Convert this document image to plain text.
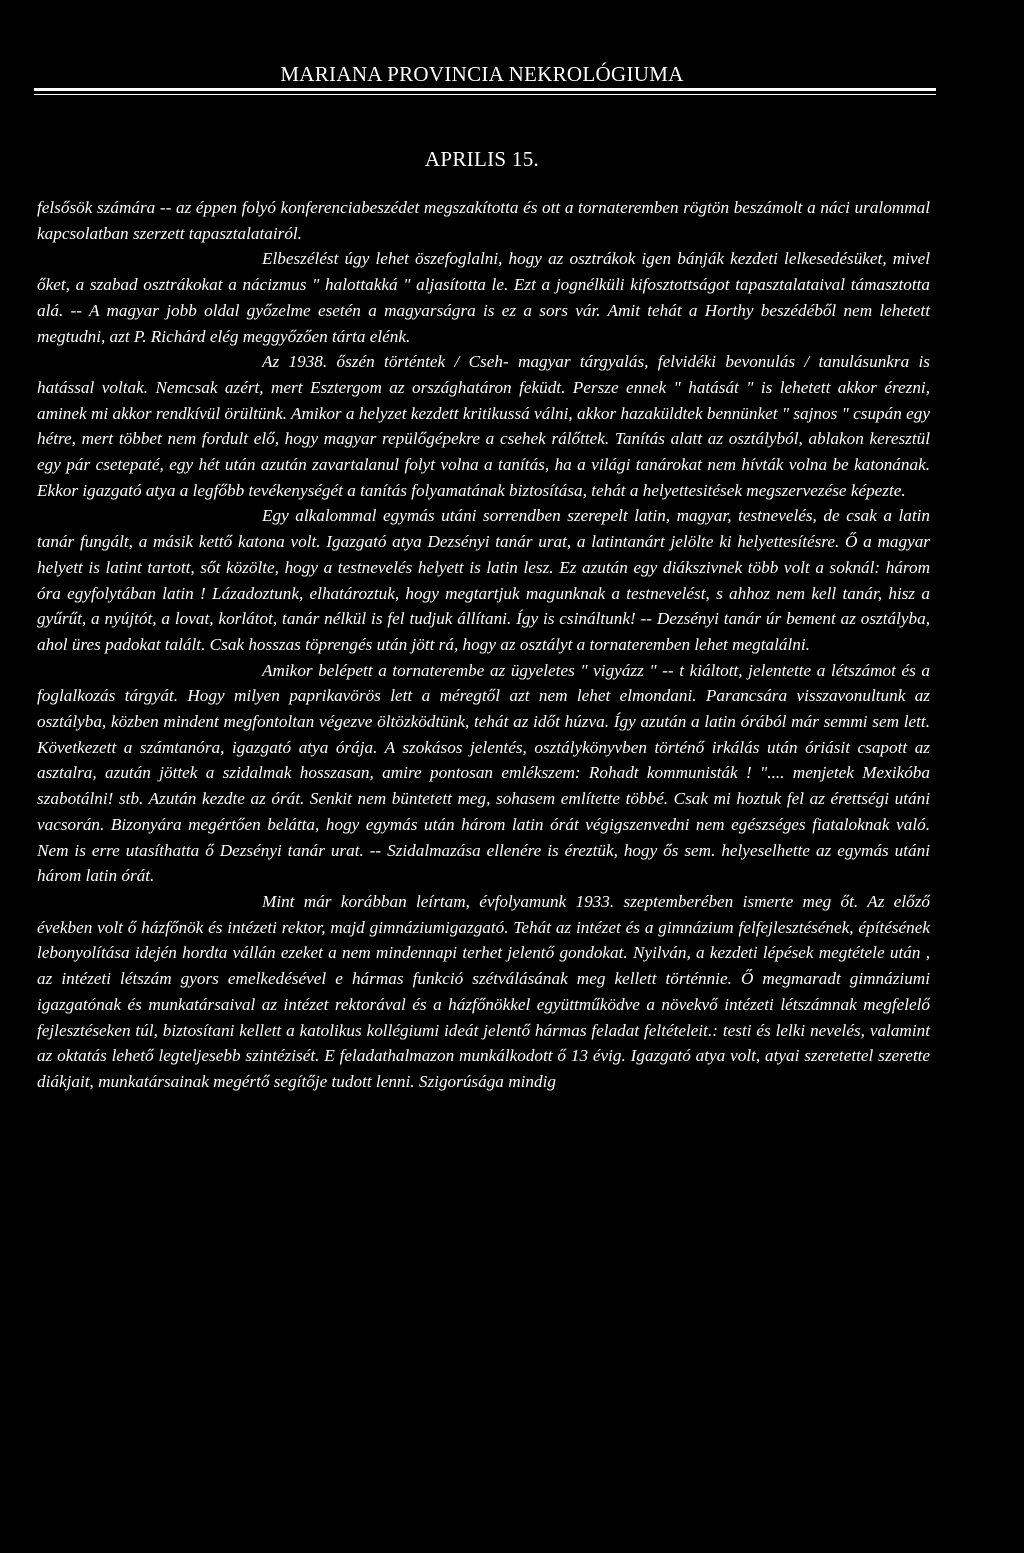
MARIANA PROVINCIA NEKROLÓGIUMA
APRILIS 15.

felsősök számára -- az éppen folyó konferenciabeszédet megszakította és ott a tornateremben rögtön beszámolt a náci uralommal kapcsolatban szerzett tapasztalatairól.

Elbeszélést úgy lehet öszefoglalni, hogy az osztrákok igen bánják kezdeti lelkesedésüket, mivel őket, a szabad osztrákokat a nácizmus " halottakká " aljasította le. Ezt a jognélküli kifosztottságot tapasztalataival támasztotta alá. -- A magyar jobb oldal győzelme esetén a magyarságra is ez a sors vár. Amit tehát a Horthy beszédéből nem lehetett megtudni, azt P. Richárd elég meggyőzően tárta elénk.

Az 1938. őszén történtek / Cseh- magyar tárgyalás, felvidéki bevonulás / tanulásunkra is hatással voltak. Nemcsak azért, mert Esztergom az országhatáron feküdt. Persze ennek " hatását " is lehetett akkor érezni, aminek mi akkor rendkívül örültünk. Amikor a helyzet kezdett kritikussá válni, akkor hazaküldtek bennünket " sajnos " csupán egy hétre, mert többet nem fordult elő, hogy magyar repülőgépekre a csehek rálőttek. Tanítás alatt az osztályból, ablakon keresztül egy pár csetepaté, egy hét után azután zavartalanul folyt volna a tanítás, ha a világi tanárokat nem hívták volna be katonának. Ekkor igazgató atya a legfőbb tevékenységét a tanítás folyamatának biztosítása, tehát a helyettesitések megszervezése képezte.

Egy alkalommal egymás utáni sorrendben szerepelt latin, magyar, testnevelés, de csak a latin tanár fungált, a másik kettő katona volt. Igazgató atya Dezsényi tanár urat, a latintanárt jelölte ki helyettesítésre. Ő a magyar helyett is latint tartott, sőt közölte, hogy a testnevelés helyett is latin lesz. Ez azután egy diákszivnek több volt a soknál: három óra egyfolytában latin ! Lázadoztunk, elhatároztuk, hogy megtartjuk magunknak a testnevelést, s ahhoz nem kell tanár, hisz a gyűrűt, a nyújtót, a lovat, korlátot, tanár nélkül is fel tudjuk állítani. Így is csináltunk! -- Dezsényi tanár úr bement az osztályba, ahol üres padokat talált. Csak hosszas töprengés után jött rá, hogy az osztályt a tornateremben lehet megtalálni.

Amikor belépett a tornaterembe az ügyeletes " vigyázz " -- t kiáltott, jelentette a létszámot és a foglalkozás tárgyát. Hogy milyen paprikavörös lett a méregtől azt nem lehet elmondani. Parancsára visszavonultunk az osztályba, közben mindent megfontoltan végezve öltözködtünk, tehát az időt húzva. Így azután a latin órából már semmi sem lett. Következett a számtanóra, igazgató atya órája. A szokásos jelentés, osztálykönyvben történő irkálás után óriásit csapott az asztalra, azután jöttek a szidalmak hosszasan, amire pontosan emlékszem: Rohadt kommunisták ! ".... menjetek Mexikóba szabotálni! stb. Azután kezdte az órát. Senkit nem büntetett meg, sohasem említette többé. Csak mi hoztuk fel az érettségi utáni vacsorán. Bizonyára megértően belátta, hogy egymás után három latin órát végigszenvedni nem egészséges fiataloknak való. Nem is erre utasíthatta ő Dezsényi tanár urat. -- Szidalmazása ellenére is éreztük, hogy ős sem. helyeselhette az egymás utáni három latin órát.

Mint már korábban leírtam, évfolyamunk 1933. szeptemberében ismerte meg őt. Az előző években volt ő házfőnök és intézeti rektor, majd gimnáziumigazgató. Tehát az intézet és a gimnázium felfejlesztésének, építésének lebonyolítása idején hordta vállán ezeket a nem mindennapi terhet jelentő gondokat. Nyilván, a kezdeti lépések megtétele után , az intézeti létszám gyors emelkedésével e hármas funkció szétválásának meg kellett történnie. Ő megmaradt gimnáziumi igazgatónak és munkatársaival az intézet rektorával és a házfőnökkel együttműködve a növekvő intézeti létszámnak megfelelő fejlesztéseken túl, biztosítani kellett a katolikus kollégiumi ideát jelentő hármas feladat feltételeit.: testi és lelki nevelés, valamint az oktatás lehető legteljesebb szintézisét. E feladathalmazon munkálkodott ő 13 évig. Igazgató atya volt, atyai szeretettel szerette diákjait, munkatársainak megértő segítője tudott lenni. Szigorúsága mindig
